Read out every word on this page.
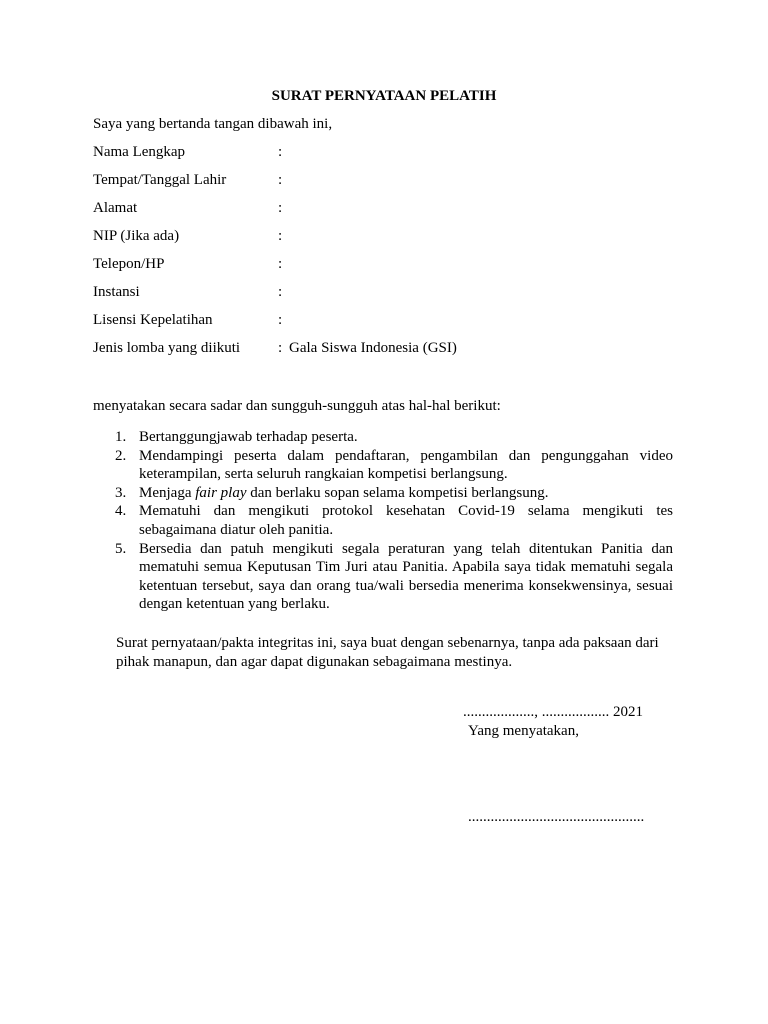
SURAT PERNYATAAN PELATIH
Saya yang bertanda tangan dibawah ini,
Nama Lengkap	:
Tempat/Tanggal Lahir	:
Alamat	:
NIP (Jika ada)	:
Telepon/HP	:
Instansi	:
Lisensi Kepelatihan	:
Jenis lomba yang diikuti	: Gala Siswa Indonesia (GSI)
menyatakan secara sadar dan sungguh-sungguh atas hal-hal berikut:
1. Bertanggungjawab terhadap peserta.
2. Mendampingi peserta dalam pendaftaran, pengambilan dan pengunggahan video keterampilan, serta seluruh rangkaian kompetisi berlangsung.
3. Menjaga fair play dan berlaku sopan selama kompetisi berlangsung.
4. Mematuhi dan mengikuti protokol kesehatan Covid-19 selama mengikuti tes sebagaimana diatur oleh panitia.
5. Bersedia dan patuh mengikuti segala peraturan yang telah ditentukan Panitia dan mematuhi semua Keputusan Tim Juri atau Panitia. Apabila saya tidak mematuhi segala ketentuan tersebut, saya dan orang tua/wali bersedia menerima konsekwensinya, sesuai dengan ketentuan yang berlaku.
Surat pernyataan/pakta integritas ini, saya buat dengan sebenarnya, tanpa ada paksaan dari pihak manapun, dan agar dapat digunakan sebagaimana mestinya.
..................., .................. 2021
Yang menyatakan,
...............................................
